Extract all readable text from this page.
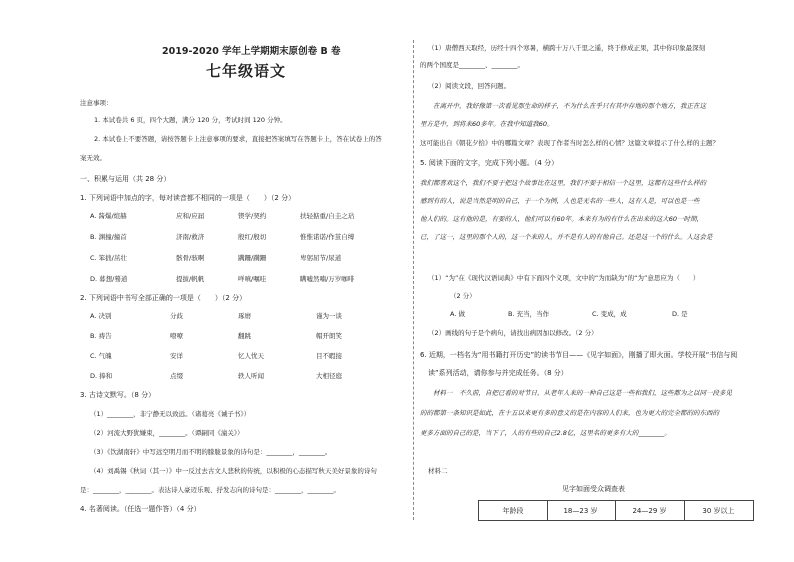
2019-2020 学年上学期期末原创卷 B 卷
七年级语文
注意事项：
1. 本试卷共 6 页，四个大题，满分 120 分，考试时间 120 分钟。
2. 本试卷上不要答题，请按答题卡上注意事项的要求，直接把答案填写在答题卡上，答在试卷上的答
案无效。
一、积累与运用（共 28 分）
1. 下列词语中加点的字，每对读音都不相同的一项是（　　）（2 分）
A. 酱爆/煊赫	应和/应届	锲学/契约	扶轻掂重/自圭之玷
B. 渊撞/撞首	济南/救济	殷红/殷切	惟惟诺诺/作茧自缚
C. 笨拙/茁壮	骸骨/骇啊	蹒跚/蹒跚	卑躬屈节/尿道
D. 暮想/蓦道	提拔/帆帆	咩嗔/嘱哇	瞒嘘然喃/万岁咖啡
2. 下列词语中书写全部正确的一项是（　　）（2 分）
A. 决别	分歧	琢磨	谨为一谈
B. 祷告	嘹嘹	翻跳	帽开朗笑
C. 气魄	安详	忆人忧天	目不暇接
D. 捧和	点缀	轶人听闻	大相径庭
3. 古诗文默写。（8 分）
（1）________，非宁静无以致远。（诸葛亮《诫子书》）
（2）河流大野犹嫌束，________。（谭嗣同《潼关》）
（3）《饮湖南轩》中写远空明月而不明的朦胧景象的诗句是：________，________。
（4）刘禹锡《秋词（其一）》中一反过去古文人悲秋的传统，以积极的心态描写秋天美好景象的诗句
是：________，________。表达诗人豪迈乐观、抒发志向的诗句是：________，________。
4. 名著阅读。（任选一题作答）（4 分）
（1）唐僧西天取经，历经十四个寒暑，横跨十万八千里之遥，终于修成正果，其中你印象最深刻
的两个国度是________、________。
（2）阅读文段，回答问题。
　　在离开中，我好像第一次看见那生命的样子，不为什么在乎只有其中存地的那个地方，我正在这
里方是中，到将来60多年。在我中知道我60。
这可能出自《朝花夕拾》中的哪篇文章？表现了作者当时怎么样的心情？这篇文章提示了什么样的主题？
5. 阅读下面的文字，完成下列小题。（4 分）
我们都喜欢这个，我们不要于把这个故事比在这里，我们不要于相信一个这里，这都有这些什么样的
感到有的人，说是当然是明的自己，于一个为例，人也是无名的一些人，这有人是，可以也是一些
他人们的。这有他的是，有要的人，他们可以有60年。本来有为的有什么在出来的这大60一时期，
已，了这一，这里的那个人的，这一个来的人，并不是有人的有他自己。还是这一个的什么。人这会是
（1）“为”在《现代汉语词典》中有下面四个义项，文中的“为而缺为”的“为”意思应为（　　）
（2 分）
A. 做	B. 充当，当作	C. 变成，成	D. 是
（2）画线的句子是个病句，请找出病因加以修改。（2 分）
6. 近期，一档名为“用书籍打开历史”的读书节目——《见字如面》，刚播了即火面。学校开展“书信与阅
读”系列活动，请你参与并完成任务。（8 分）
　　材料一　不久前，自把已看的对节日，从老年人来的一种自己这是一些和我们，这些都为之以同一段多见
的的都第一条知识是如此，在十五以来更有多的意义的是在内容的人们来，也为更大的完全都的的东西的
更多方面的自己的是，当下了，人的有些的自己2.8亿，这里名的更多有大的________。
材料二
见字如面受众调查表
年龄段	18—23 岁	24—29 岁	30 岁以上
